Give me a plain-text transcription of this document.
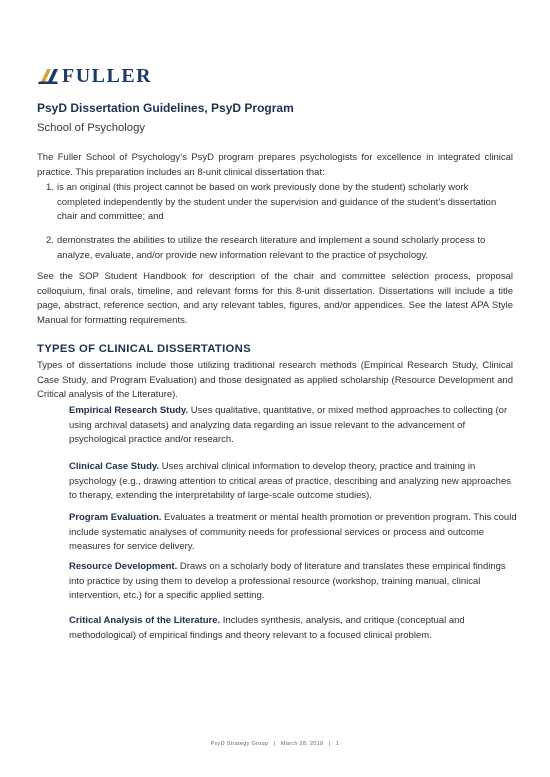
FULLER
PsyD Dissertation Guidelines, PsyD Program
School of Psychology

The Fuller School of Psychology’s PsyD program prepares psychologists for excellence in integrated clinical practice. This preparation includes an 8-unit clinical dissertation that:

1. is an original (this project cannot be based on work previously done by the student) scholarly work completed independently by the student under the supervision and guidance of the student’s dissertation chair and committee; and
2. demonstrates the abilities to utilize the research literature and implement a sound scholarly process to analyze, evaluate, and/or provide new information relevant to the practice of psychology.

See the SOP Student Handbook for description of the chair and committee selection process, proposal colloquium, final orals, timeline, and relevant forms for this 8-unit dissertation. Dissertations will include a title page, abstract, reference section, and any relevant tables, figures, and/or appendices. See the latest APA Style Manual for formatting requirements.

TYPES OF CLINICAL DISSERTATIONS

Types of dissertations include those utilizing traditional research methods (Empirical Research Study, Clinical Case Study, and Program Evaluation) and those designated as applied scholarship (Resource Development and Critical analysis of the Literature).

Empirical Research Study. Uses qualitative, quantitative, or mixed method approaches to collecting (or using archival datasets) and analyzing data regarding an issue relevant to the advancement of psychological practice and/or research.
Clinical Case Study. Uses archival clinical information to develop theory, practice and training in psychology (e.g., drawing attention to critical areas of practice, describing and analyzing new approaches to therapy, extending the interpretability of large-scale outcome studies).
Program Evaluation. Evaluates a treatment or mental health promotion or prevention program. This could include systematic analyses of community needs for professional services or process and outcome measures for service delivery.
Resource Development. Draws on a scholarly body of literature and translates these empirical findings into practice by using them to develop a professional resource (workshop, training manual, clinical intervention, etc.) for a specific applied setting.
Critical Analysis of the Literature. Includes synthesis, analysis, and critique (conceptual and methodological) of empirical findings and theory relevant to a focused clinical problem.
PsyD Strategy Group   |   March 28, 2018   |   1
